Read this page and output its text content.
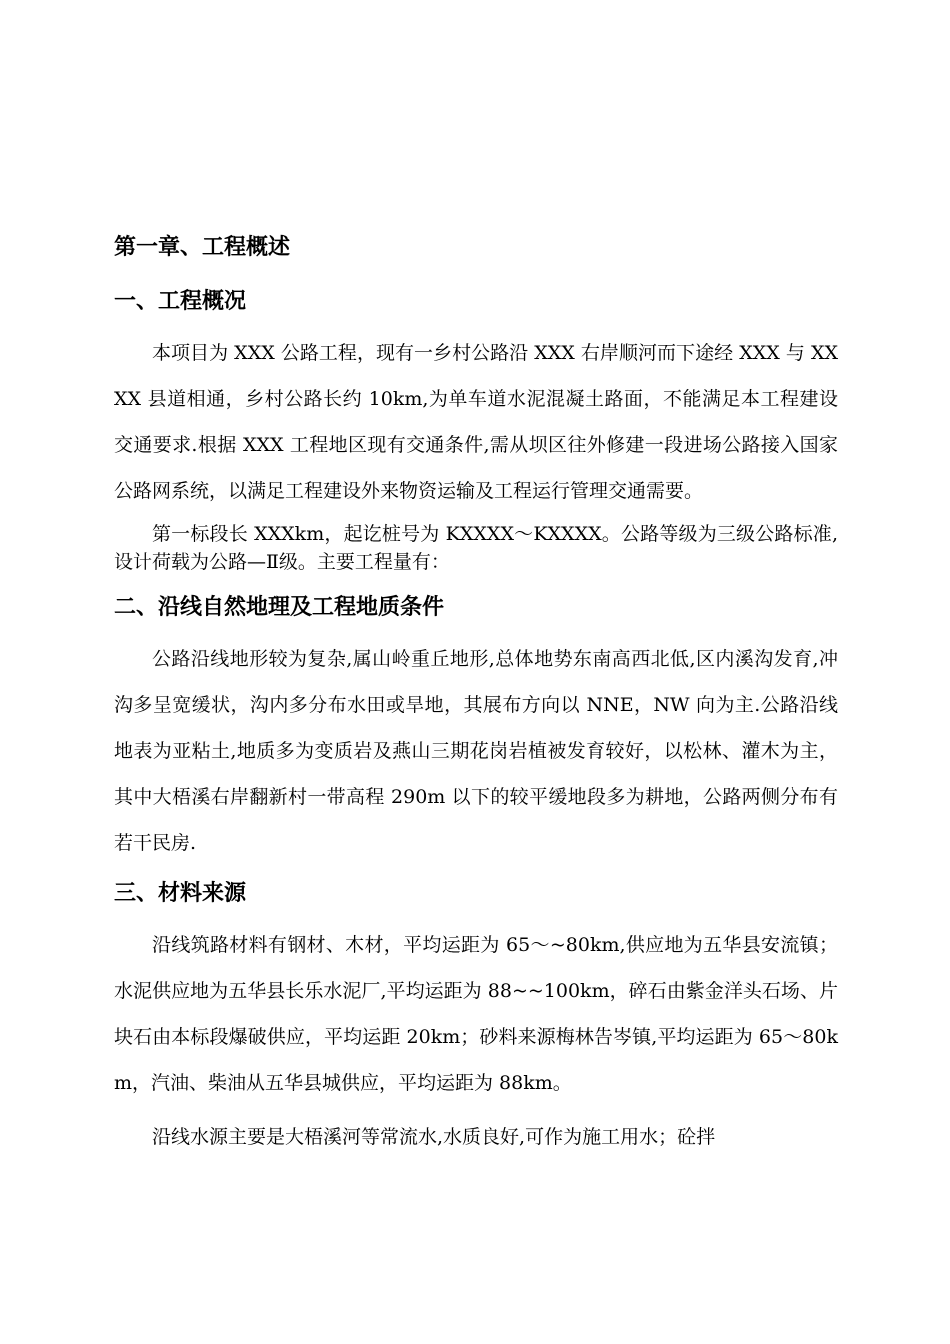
第一章、工程概述
一、工程概况

本项目为 XXX 公路工程，现有一乡村公路沿 XXX 右岸顺河而下途经 XXX 与 XXXX 县道相通，乡村公路长约 10km,为单车道水泥混凝土路面，不能满足本工程建设交通要求.根据 XXX 工程地区现有交通条件,需从坝区往外修建一段进场公路接入国家公路网系统，以满足工程建设外来物资运输及工程运行管理交通需要。

第一标段长 XXXkm，起讫桩号为 KXXXX～KXXXX。公路等级为三级公路标准,设计荷载为公路—Ⅱ级。主要工程量有：

二、沿线自然地理及工程地质条件

公路沿线地形较为复杂,属山岭重丘地形,总体地势东南高西北低,区内溪沟发育,冲沟多呈宽缓状，沟内多分布水田或旱地，其展布方向以 NNE，NW 向为主.公路沿线地表为亚粘土,地质多为变质岩及燕山三期花岗岩植被发育较好，以松林、灌木为主，其中大梧溪右岸翻新村一带高程 290m 以下的较平缓地段多为耕地，公路两侧分布有若干民房.

三、材料来源

沿线筑路材料有钢材、木材，平均运距为 65～~80km,供应地为五华县安流镇；水泥供应地为五华县长乐水泥厂,平均运距为 88~~100km，碎石由紫金洋头石场、片块石由本标段爆破供应，平均运距 20km；砂料来源梅林告岑镇,平均运距为 65～80km，汽油、柴油从五华县城供应，平均运距为 88km。

沿线水源主要是大梧溪河等常流水,水质良好,可作为施工用水；砼拌
